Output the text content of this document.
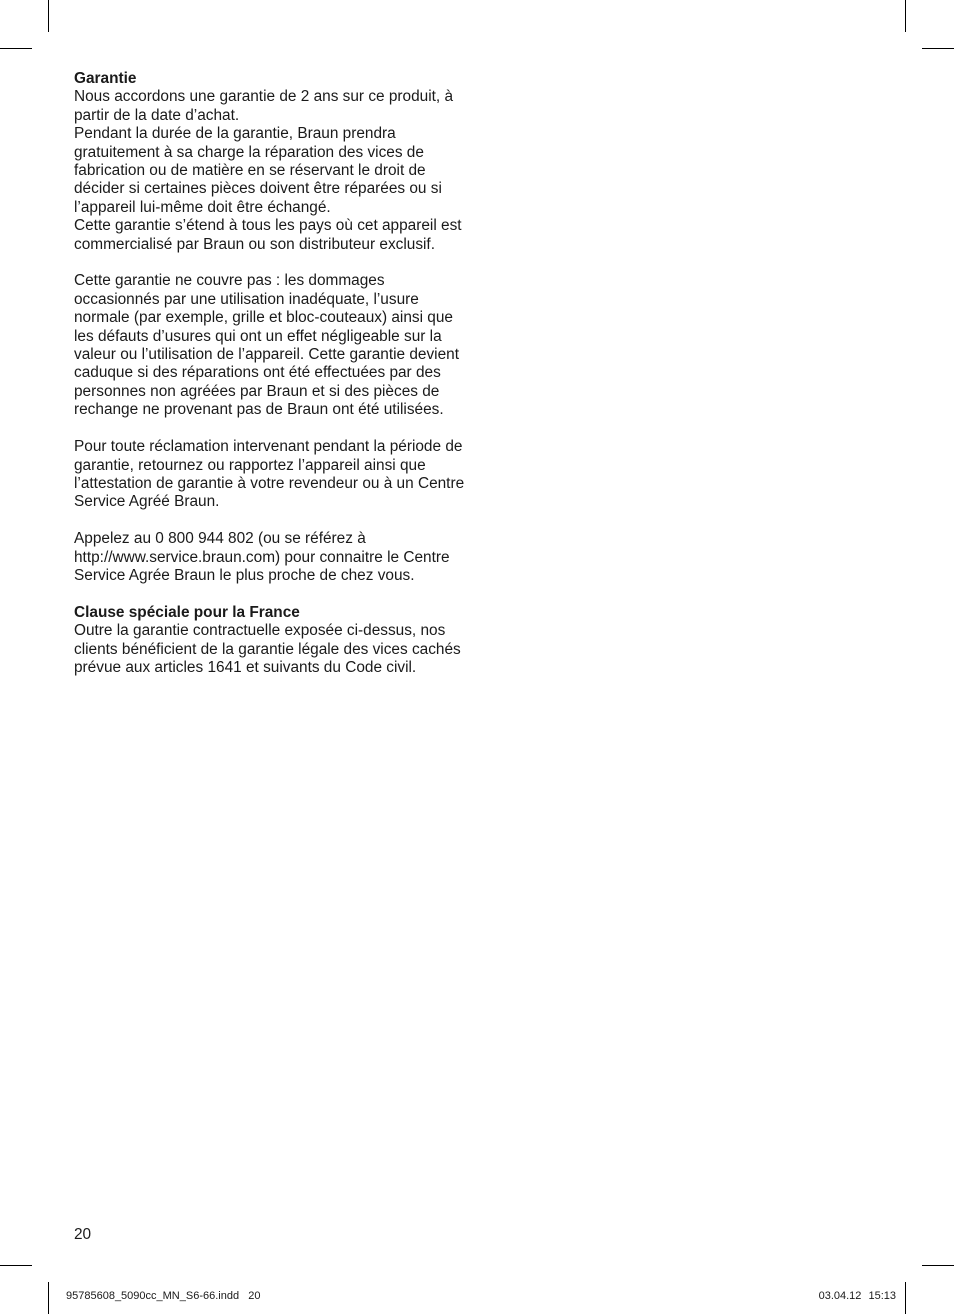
Garantie

Nous accordons une garantie de 2 ans sur ce produit, à partir de la date d’achat.

Pendant la durée de la garantie, Braun prendra gratuitement à sa charge la réparation des vices de fabrication ou de matière en se réservant le droit de décider si certaines pièces doivent être réparées ou si l’appareil lui-même doit être échangé.

Cette garantie s’étend à tous les pays où cet appareil est commercialisé par Braun ou son distributeur exclusif.

Cette garantie ne couvre pas : les dommages occasionnés par une utilisation inadéquate, l’usure normale (par exemple, grille et bloc-couteaux) ainsi que les défauts d’usures qui ont un effet négligeable sur la valeur ou l’utilisation de l’appareil. Cette garantie devient caduque si des réparations ont été effectuées par des personnes non agréées par Braun et si des pièces de rechange ne provenant pas de Braun ont été utilisées.

Pour toute réclamation intervenant pendant la période de garantie, retournez ou rapportez l’appareil ainsi que l’attestation de garantie à votre revendeur ou à un Centre Service Agréé Braun.

Appelez au 0 800 944 802 (ou se référez à http://www.service.braun.com) pour connaitre le Centre Service Agrée Braun le plus proche de chez vous.

Clause spéciale pour la France

Outre la garantie contractuelle exposée ci-dessus, nos clients bénéficient de la garantie légale des vices cachés prévue aux articles 1641 et suivants du Code civil.

20
95785608_5090cc_MN_S6-66.indd   20	03.04.12 15:13
